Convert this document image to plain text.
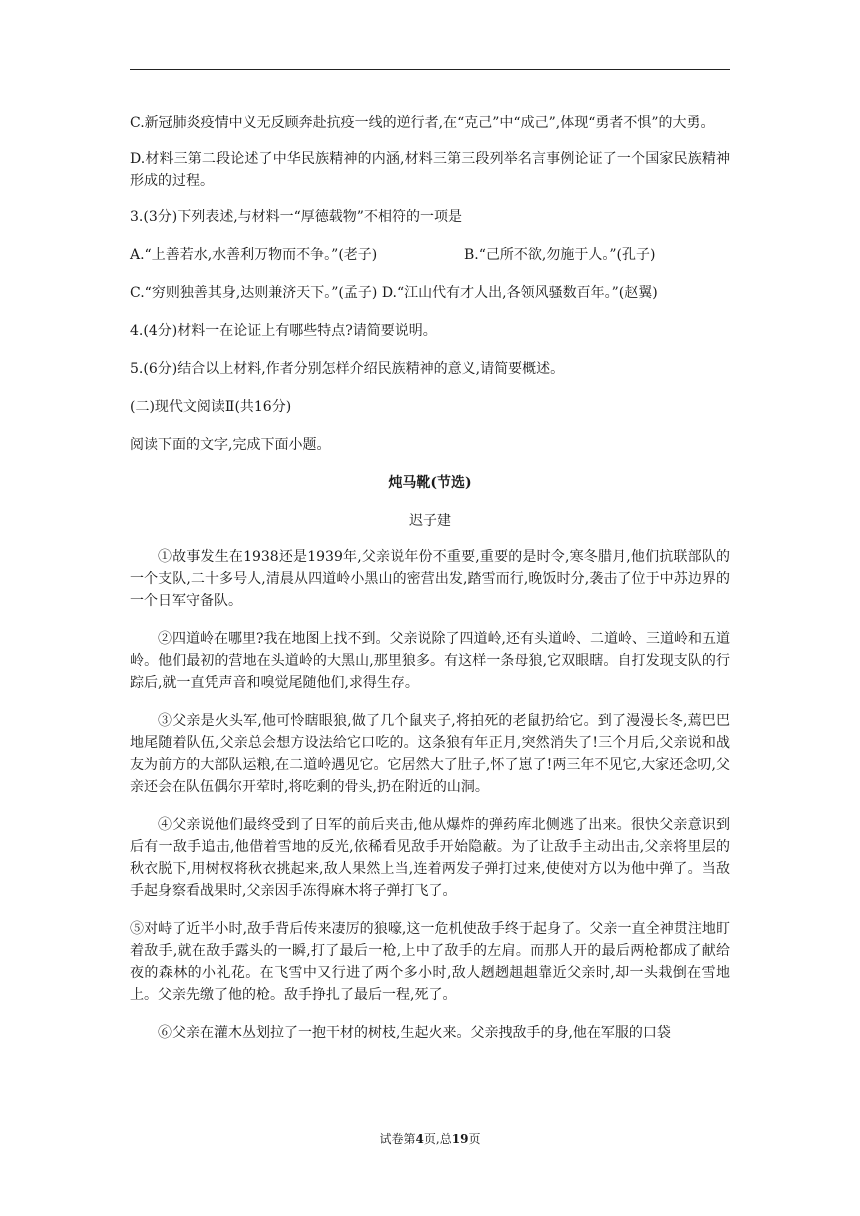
C.新冠肺炎疫情中义无反顾奔赴抗疫一线的逆行者,在“克己”中“成己”,体现“勇者不惧”的大勇。

D.材料三第二段论述了中华民族精神的内涵,材料三第三段列举名言事例论证了一个国家民族精神形成的过程。

3.(3分)下列表述,与材料一“厚德载物”不相符的一项是

A.“上善若水,水善利万物而不争。”(老子)	B.“己所不欲,勿施于人。”(孔子)

C.“穷则独善其身,达则兼济天下。”(孟子) D.“江山代有才人出,各领风骚数百年。”(赵翼)

4.(4分)材料一在论证上有哪些特点?请简要说明。

5.(6分)结合以上材料,作者分别怎样介绍民族精神的意义,请简要概述。

(二)现代文阅读Ⅱ(共16分)

阅读下面的文字,完成下面小题。

炖马靴(节选)
迟子建

①故事发生在1938还是1939年,父亲说年份不重要,重要的是时令,寒冬腊月,他们抗联部队的一个支队,二十多号人,清晨从四道岭小黑山的密营出发,踏雪而行,晚饭时分,袭击了位于中苏边界的一个日军守备队。

②四道岭在哪里?我在地图上找不到。父亲说除了四道岭,还有头道岭、二道岭、三道岭和五道岭。他们最初的营地在头道岭的大黑山,那里狼多。有这样一条母狼,它双眼瞎。自打发现支队的行踪后,就一直凭声音和嗅觉尾随他们,求得生存。

③父亲是火头军,他可怜瞎眼狼,做了几个鼠夹子,将拍死的老鼠扔给它。到了漫漫长冬,蔫巴巴地尾随着队伍,父亲总会想方设法给它口吃的。这条狼有年正月,突然消失了!三个月后,父亲说和战友为前方的大部队运粮,在二道岭遇见它。它居然大了肚子,怀了崽了!两三年不见它,大家还念叨,父亲还会在队伍偶尔开荤时,将吃剩的骨头,扔在附近的山洞。

④父亲说他们最终受到了日军的前后夹击,他从爆炸的弹药库北侧逃了出来。很快父亲意识到后有一敌手追击,他借着雪地的反光,依稀看见敌手开始隐蔽。为了让敌手主动出击,父亲将里层的秋衣脱下,用树杈将秋衣挑起来,敌人果然上当,连着两发子弹打过来,使使对方以为他中弹了。当敌手起身察看战果时,父亲因手冻得麻木将子弹打飞了。

⑤对峙了近半小时,敌手背后传来凄厉的狼嚎,这一危机使敌手终于起身了。父亲一直全神贯注地盯着敌手,就在敌手露头的一瞬,打了最后一枪,上中了敌手的左肩。而那人开的最后两枪都成了献给夜的森林的小礼花。在飞雪中又行进了两个多小时,敌人趔趔趄趄靠近父亲时,却一头栽倒在雪地上。父亲先缴了他的枪。敌手挣扎了最后一程,死了。

⑥父亲在灌木丛划拉了一抱干材的树枝,生起火来。父亲拽敌手的身,他在军服的口袋

试卷第4页,总19页
